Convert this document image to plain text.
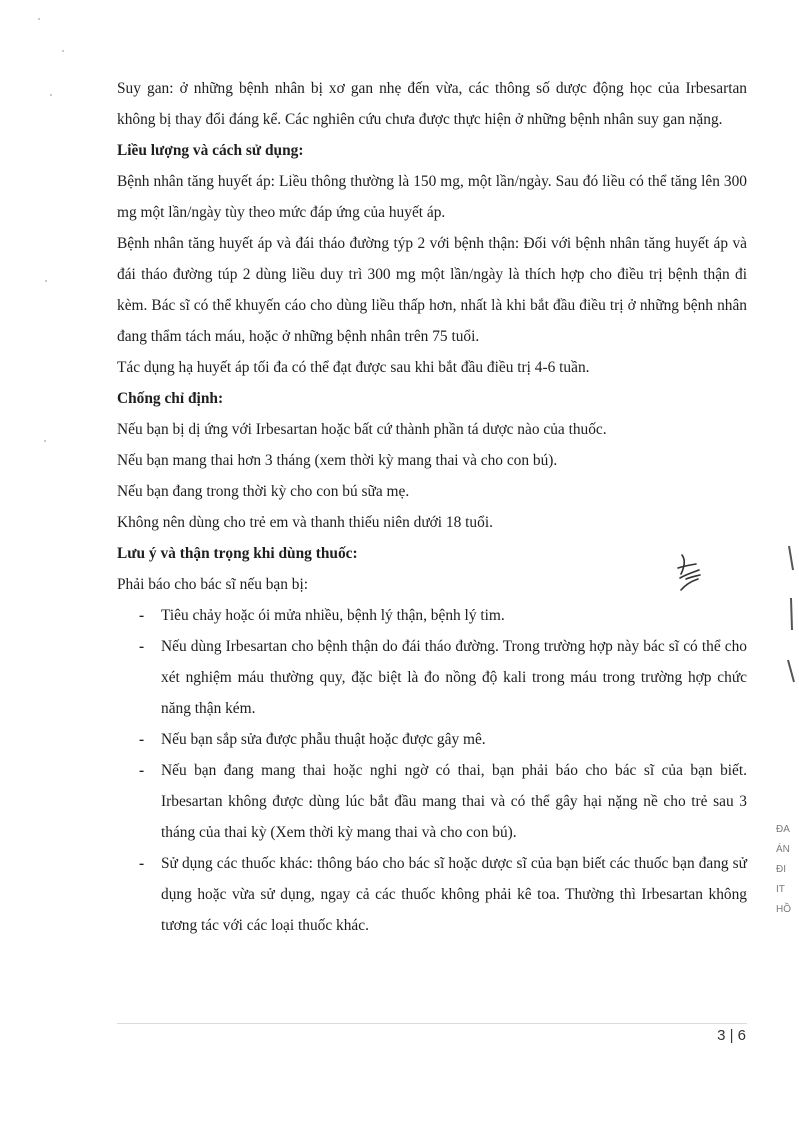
Suy gan: ở những bệnh nhân bị xơ gan nhẹ đến vừa, các thông số dược động học của Irbesartan không bị thay đổi đáng kể. Các nghiên cứu chưa được thực hiện ở những bệnh nhân suy gan nặng.

Liều lượng và cách sử dụng:

Bệnh nhân tăng huyết áp: Liều thông thường là 150 mg, một lần/ngày. Sau đó liều có thể tăng lên 300 mg một lần/ngày tùy theo mức đáp ứng của huyết áp.

Bệnh nhân tăng huyết áp và đái tháo đường týp 2 với bệnh thận: Đối với bệnh nhân tăng huyết áp và đái tháo đường túp 2 dùng liều duy trì 300 mg một lần/ngày là thích hợp cho điều trị bệnh thận đi kèm. Bác sĩ có thể khuyến cáo cho dùng liều thấp hơn, nhất là khi bắt đầu điều trị ở những bệnh nhân đang thẩm tách máu, hoặc ở những bệnh nhân trên 75 tuổi.

Tác dụng hạ huyết áp tối đa có thể đạt được sau khi bắt đầu điều trị 4-6 tuần.

Chống chỉ định:

Nếu bạn bị dị ứng với Irbesartan hoặc bất cứ thành phần tá dược nào của thuốc.

Nếu bạn mang thai hơn 3 tháng (xem thời kỳ mang thai và cho con bú).

Nếu bạn đang trong thời kỳ cho con bú sữa mẹ.

Không nên dùng cho trẻ em và thanh thiếu niên dưới 18 tuổi.

Lưu ý và thận trọng khi dùng thuốc:

Phải báo cho bác sĩ nếu bạn bị:

- Tiêu chảy hoặc ói mửa nhiều, bệnh lý thận, bệnh lý tim.
- Nếu dùng Irbesartan cho bệnh thận do đái tháo đường. Trong trường hợp này bác sĩ có thể cho xét nghiệm máu thường quy, đặc biệt là đo nồng độ kali trong máu trong trường hợp chức năng thận kém.
- Nếu bạn sắp sửa được phẫu thuật hoặc được gây mê.
- Nếu bạn đang mang thai hoặc nghi ngờ có thai, bạn phải báo cho bác sĩ của bạn biết. Irbesartan không được dùng lúc bắt đầu mang thai và có thể gây hại nặng nề cho trẻ sau 3 tháng của thai kỳ (Xem thời kỳ mang thai và cho con bú).
- Sử dụng các thuốc khác: thông báo cho bác sĩ hoặc dược sĩ của bạn biết các thuốc bạn đang sử dụng hoặc vừa sử dụng, ngay cả các thuốc không phải kê toa. Thường thì Irbesartan không tương tác với các loại thuốc khác.
ĐA
ÁN
ĐI
ΙΤ
HỒ
3 | 6
